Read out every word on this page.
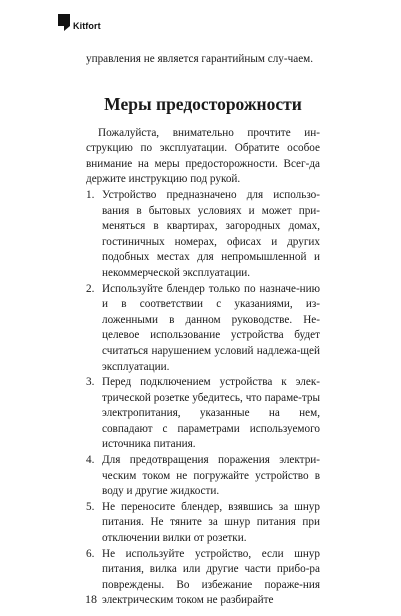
Kitfort

управления не является гарантийным слу-чаем.

Меры предосторожности

Пожалуйста, внимательно прочтите ин-струкцию по эксплуатации. Обратите особое внимание на меры предосторожности. Всег-да держите инструкцию под рукой.

1. Устройство предназначено для использо-вания в бытовых условиях и может при-меняться в квартирах, загородных домах, гостиничных номерах, офисах и других подобных местах для непромышленной и некоммерческой эксплуатации.
2. Используйте блендер только по назначе-нию и в соответствии с указаниями, из-ложенными в данном руководстве. Не-целевое использование устройства будет считаться нарушением условий надлежа-щей эксплуатации.
3. Перед подключением устройства к элек-трической розетке убедитесь, что параме-тры электропитания, указанные на нем, совпадают с параметрами используемого источника питания.
4. Для предотвращения поражения электри-ческим током не погружайте устройство в воду и другие жидкости.
5. Не переносите блендер, взявшись за шнур питания. Не тяните за шнур питания при отключении вилки от розетки.
6. Не используйте устройство, если шнур питания, вилка или другие части прибо-ра повреждены. Во избежание пораже-ния электрическим током не разбирайте
18
